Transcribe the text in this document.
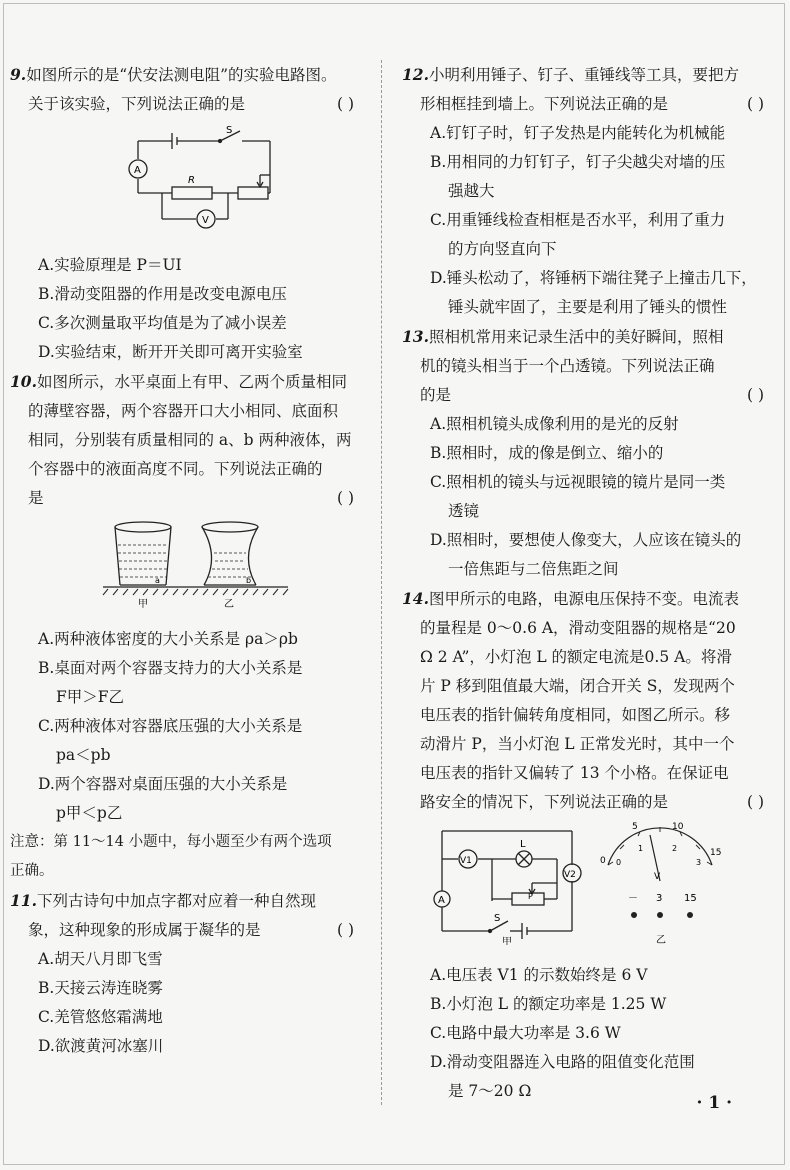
9.如图所示的是“伏安法测电阻”的实验电路图。
关于该实验，下列说法正确的是	( )
S
R
A
V
A.实验原理是 P＝UI
B.滑动变阻器的作用是改变电源电压
C.多次测量取平均值是为了减小误差
D.实验结束，断开开关即可离开实验室
10.如图所示，水平桌面上有甲、乙两个质量相同
的薄壁容器，两个容器开口大小相同、底面积
相同，分别装有质量相同的 a、b 两种液体，两
个容器中的液面高度不同。下列说法正确的
是	( )
a	b
甲	乙
A.两种液体密度的大小关系是 ρa＞ρb
B.桌面对两个容器支持力的大小关系是
F甲＞F乙
C.两种液体对容器底压强的大小关系是
pa＜pb
D.两个容器对桌面压强的大小关系是
p甲＜p乙
注意：第 11～14 小题中，每小题至少有两个选项
正确。
11.下列古诗句中加点字都对应着一种自然现
象，这种现象的形成属于凝华的是	( )
A.胡天八月即飞雪
B.天接云涛连晓雾
C.羌管悠悠霜满地
D.欲渡黄河冰塞川
12.小明利用锤子、钉子、重锤线等工具，要把方
形相框挂到墙上。下列说法正确的是	( )
A.钉钉子时，钉子发热是内能转化为机械能
B.用相同的力钉钉子，钉子尖越尖对墙的压
强越大
C.用重锤线检查相框是否水平，利用了重力
的方向竖直向下
D.锤头松动了，将锤柄下端往凳子上撞击几下，
锤头就牢固了，主要是利用了锤头的惯性
13.照相机常用来记录生活中的美好瞬间，照相
机的镜头相当于一个凸透镜。下列说法正确
的是	( )
A.照相机镜头成像利用的是光的反射
B.照相时，成的像是倒立、缩小的
C.照相机的镜头与远视眼镜的镜片是同一类
透镜
D.照相时，要想使人像变大，人应该在镜头的
一倍焦距与二倍焦距之间
14.图甲所示的电路，电源电压保持不变。电流表
的量程是 0～0.6 A，滑动变阻器的规格是“20
Ω 2 A”，小灯泡 L 的额定电流是0.5 A。将滑
片 P 移到阻值最大端，闭合开关 S，发现两个
电压表的指针偏转角度相同，如图乙所示。移
动滑片 P，当小灯泡 L 正常发光时，其中一个
电压表的指针又偏转了 13 个小格。在保证电
路安全的情况下，下列说法正确的是	( )
V1
V2
L
A
S
P
甲
0
5	10
15
0
1	2
3
V
－ 3 15
乙
A.电压表 V1 的示数始终是 6 V
B.小灯泡 L 的额定功率是 1.25 W
C.电路中最大功率是 3.6 W
D.滑动变阻器连入电路的阻值变化范围
是 7～20 Ω
· 1 ·
